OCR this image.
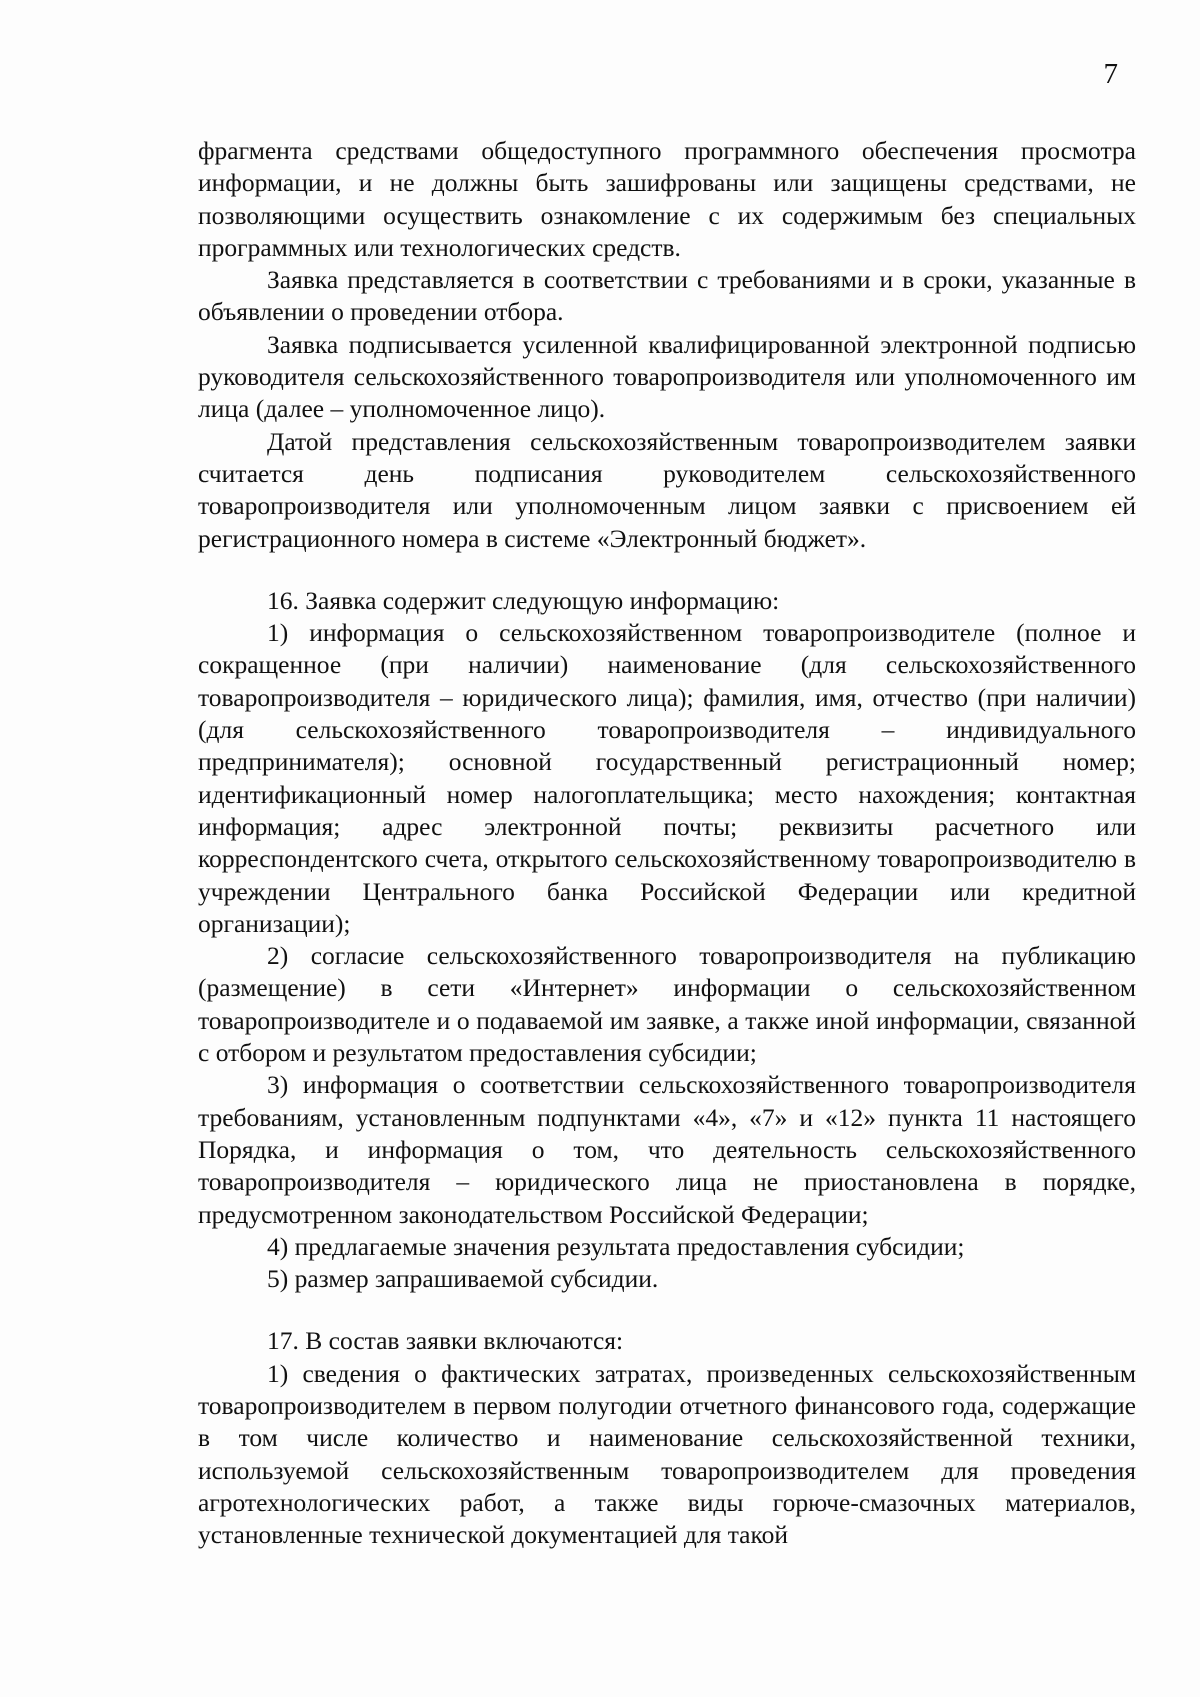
7

фрагмента средствами общедоступного программного обеспечения просмотра информации, и не должны быть зашифрованы или защищены средствами, не позволяющими осуществить ознакомление с их содержимым без специальных программных или технологических средств.

Заявка представляется в соответствии с требованиями и в сроки, указанные в объявлении о проведении отбора.

Заявка подписывается усиленной квалифицированной электронной подписью руководителя сельскохозяйственного товаропроизводителя или уполномоченного им лица (далее – уполномоченное лицо).

Датой представления сельскохозяйственным товаропроизводителем заявки считается день подписания руководителем сельскохозяйственного товаропроизводителя или уполномоченным лицом заявки с присвоением ей регистрационного номера в системе «Электронный бюджет».

16. Заявка содержит следующую информацию:

1) информация о сельскохозяйственном товаропроизводителе (полное и сокращенное (при наличии) наименование (для сельскохозяйственного товаропроизводителя – юридического лица); фамилия, имя, отчество (при наличии) (для сельскохозяйственного товаропроизводителя – индивидуального предпринимателя); основной государственный регистрационный номер; идентификационный номер налогоплательщика; место нахождения; контактная информация; адрес электронной почты; реквизиты расчетного или корреспондентского счета, открытого сельскохозяйственному товаропроизводителю в учреждении Центрального банка Российской Федерации или кредитной организации);

2) согласие сельскохозяйственного товаропроизводителя на публикацию (размещение) в сети «Интернет» информации о сельскохозяйственном товаропроизводителе и о подаваемой им заявке, а также иной информации, связанной с отбором и результатом предоставления субсидии;

3) информация о соответствии сельскохозяйственного товаропроизводителя требованиям, установленным подпунктами «4», «7» и «12» пункта 11 настоящего Порядка, и информация о том, что деятельность сельскохозяйственного товаропроизводителя – юридического лица не приостановлена в порядке, предусмотренном законодательством Российской Федерации;

4) предлагаемые значения результата предоставления субсидии;

5) размер запрашиваемой субсидии.

17. В состав заявки включаются:

1) сведения о фактических затратах, произведенных сельскохозяйственным товаропроизводителем в первом полугодии отчетного финансового года, содержащие в том числе количество и наименование сельскохозяйственной техники, используемой сельскохозяйственным товаропроизводителем для проведения агротехнологических работ, а также виды горюче-смазочных материалов, установленные технической документацией для такой
